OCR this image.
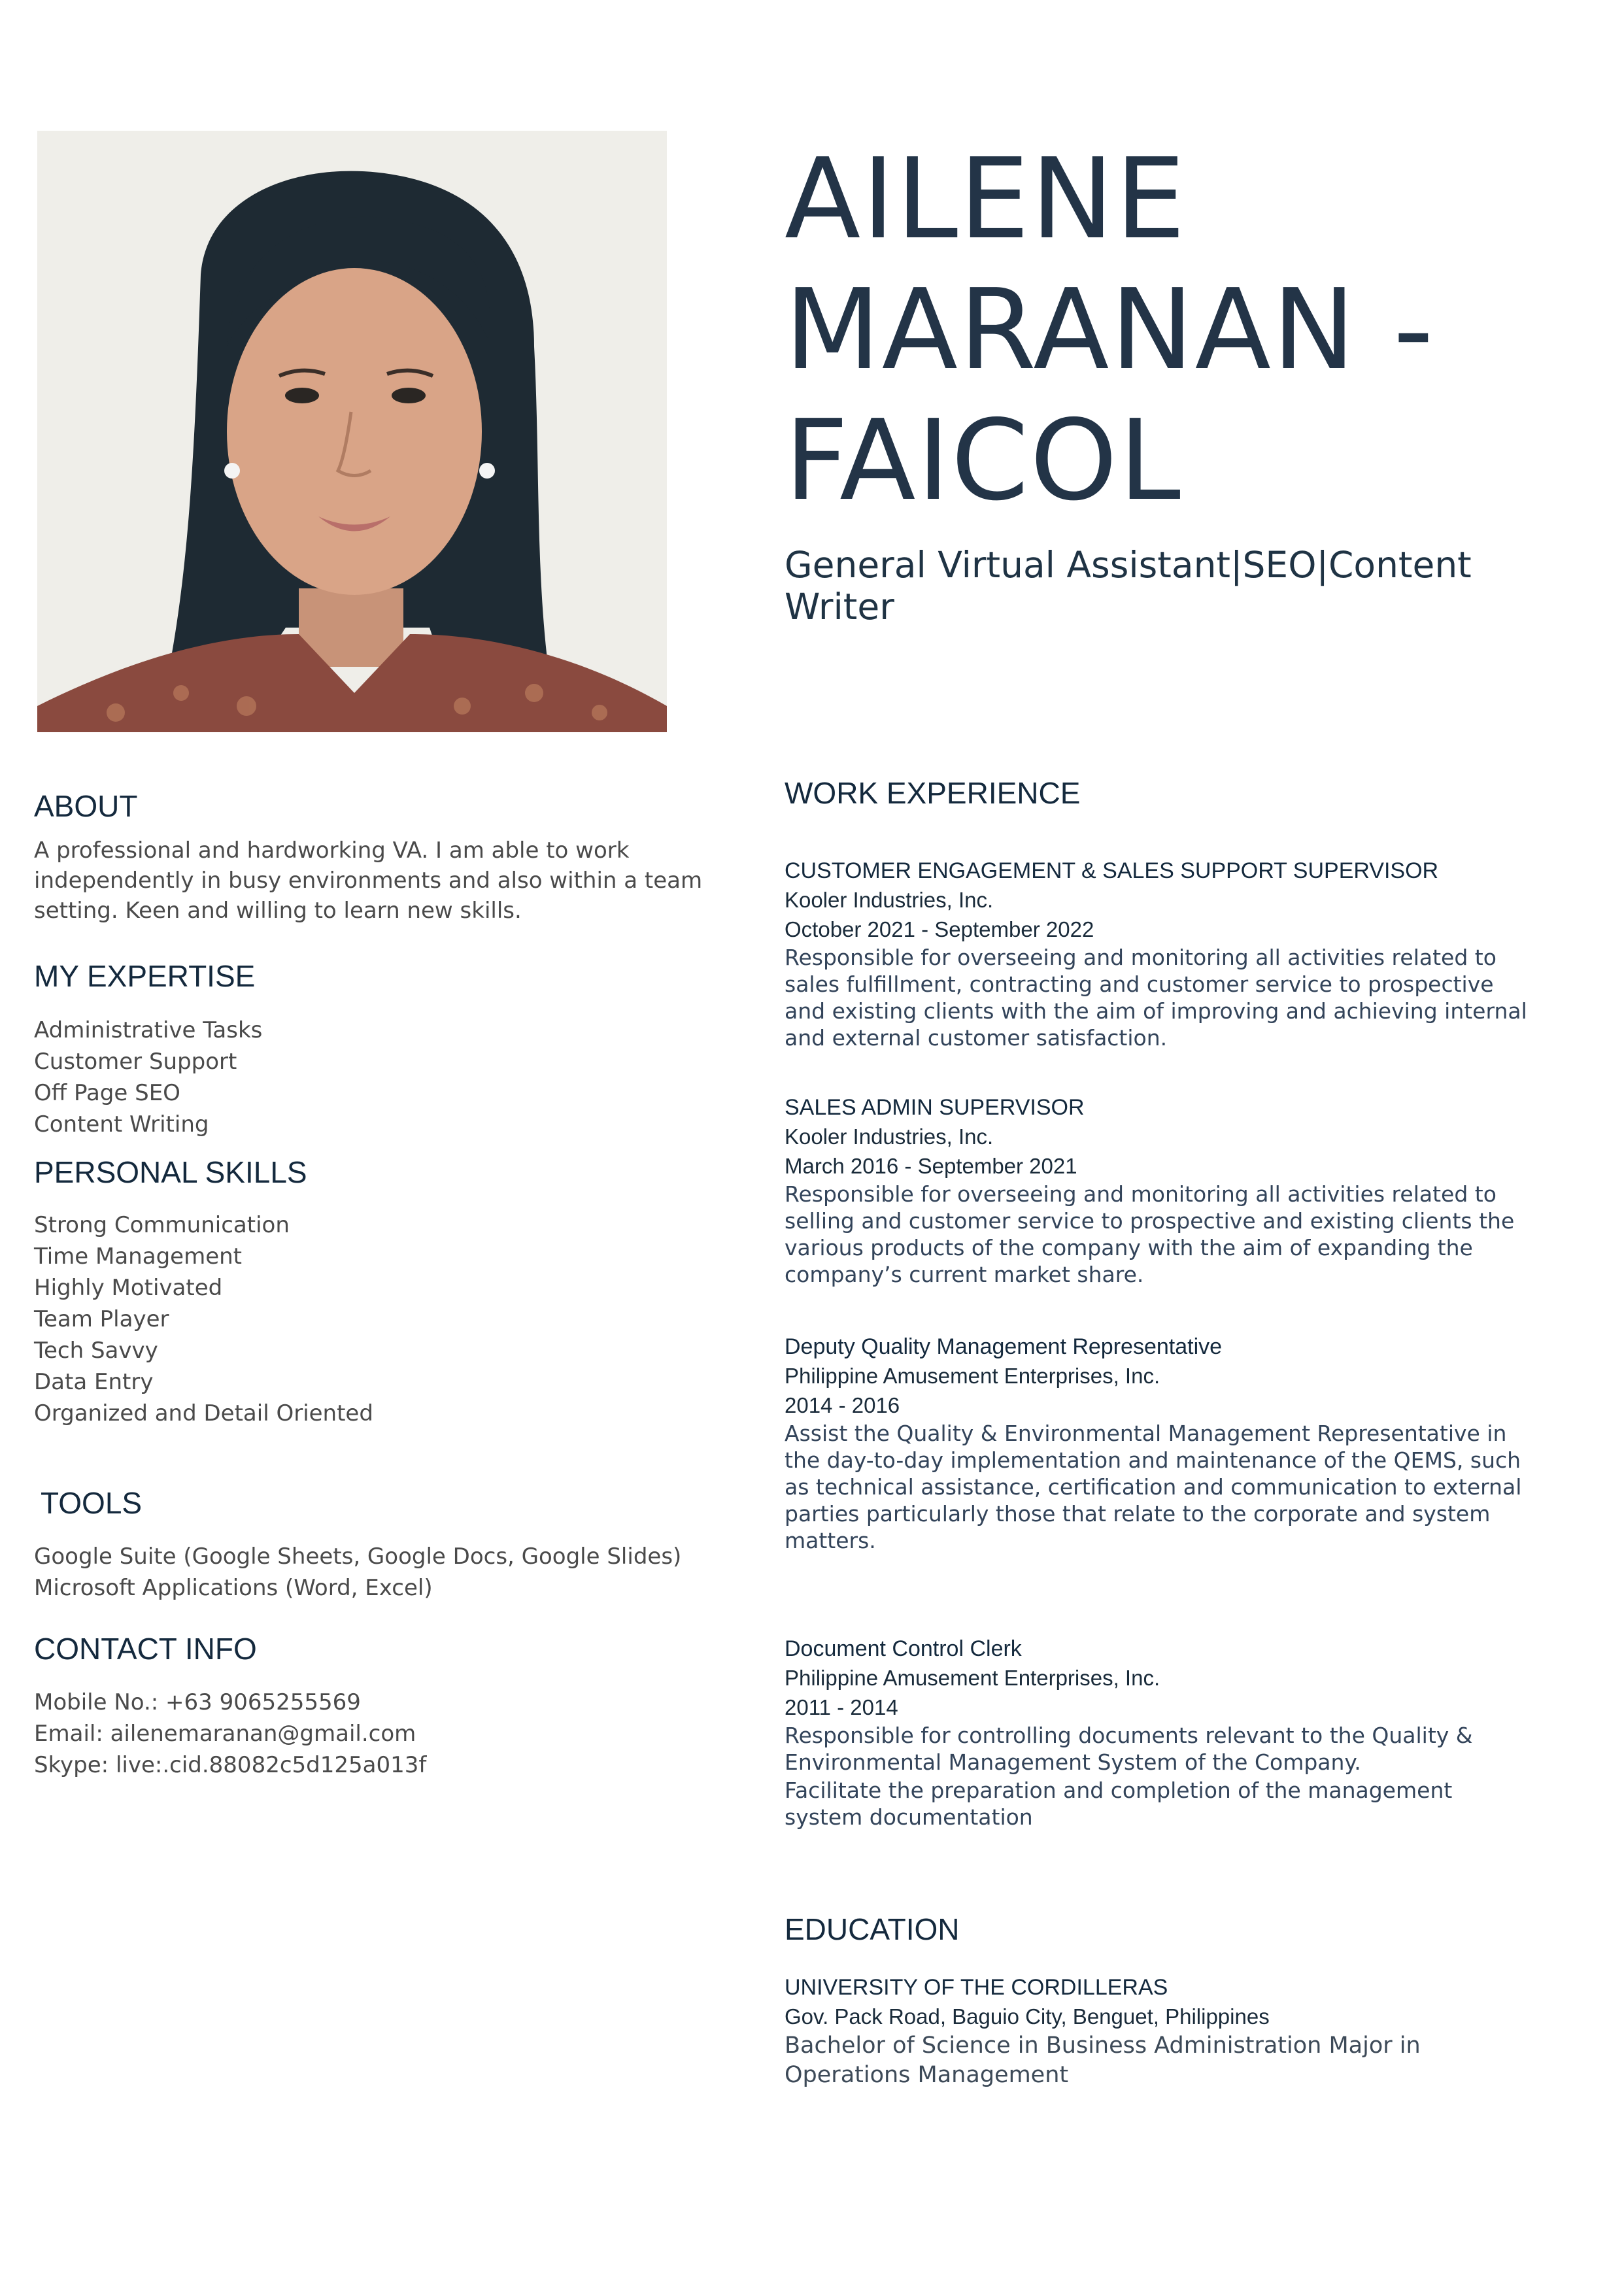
AILENE
MARANAN -
FAICOL
General Virtual Assistant|SEO|Content Writer
ABOUT
A professional and hardworking VA. I am able to work independently in busy environments and also within a team setting. Keen and willing to learn new skills.
MY EXPERTISE
Administrative Tasks
Customer Support
Off Page SEO
Content Writing
PERSONAL SKILLS
Strong Communication
Time Management
Highly Motivated
Team Player
Tech Savvy
Data Entry
Organized and Detail Oriented
TOOLS
Google Suite (Google Sheets, Google Docs, Google Slides)
Microsoft Applications (Word, Excel)
CONTACT INFO
Mobile No.: +63 9065255569
Email: ailenemaranan@gmail.com
Skype: live:.cid.88082c5d125a013f
WORK EXPERIENCE
CUSTOMER ENGAGEMENT & SALES SUPPORT SUPERVISOR
Kooler Industries, Inc.
October 2021 - September 2022
Responsible for overseeing and monitoring all activities related to sales fulfillment, contracting and customer service to prospective and existing clients with the aim of improving and achieving internal and external customer satisfaction.
SALES ADMIN SUPERVISOR
Kooler Industries, Inc.
March 2016 - September 2021
Responsible for overseeing and monitoring all activities related to selling and customer service to prospective and existing clients the various products of the company with the aim of expanding the company’s current market share.
Deputy Quality Management Representative
Philippine Amusement Enterprises, Inc.
2014 - 2016
Assist the Quality & Environmental Management Representative in the day-to-day implementation and maintenance of the QEMS, such as technical assistance, certification and communication to external parties particularly those that relate to the corporate and system matters.
Document Control Clerk
Philippine Amusement Enterprises, Inc.
2011 - 2014
Responsible for controlling documents relevant to the Quality & Environmental Management System of the Company.
Facilitate the preparation and completion of the management system documentation
EDUCATION
UNIVERSITY OF THE CORDILLERAS
Gov. Pack Road, Baguio City, Benguet, Philippines
Bachelor of Science in Business Administration Major in Operations Management
